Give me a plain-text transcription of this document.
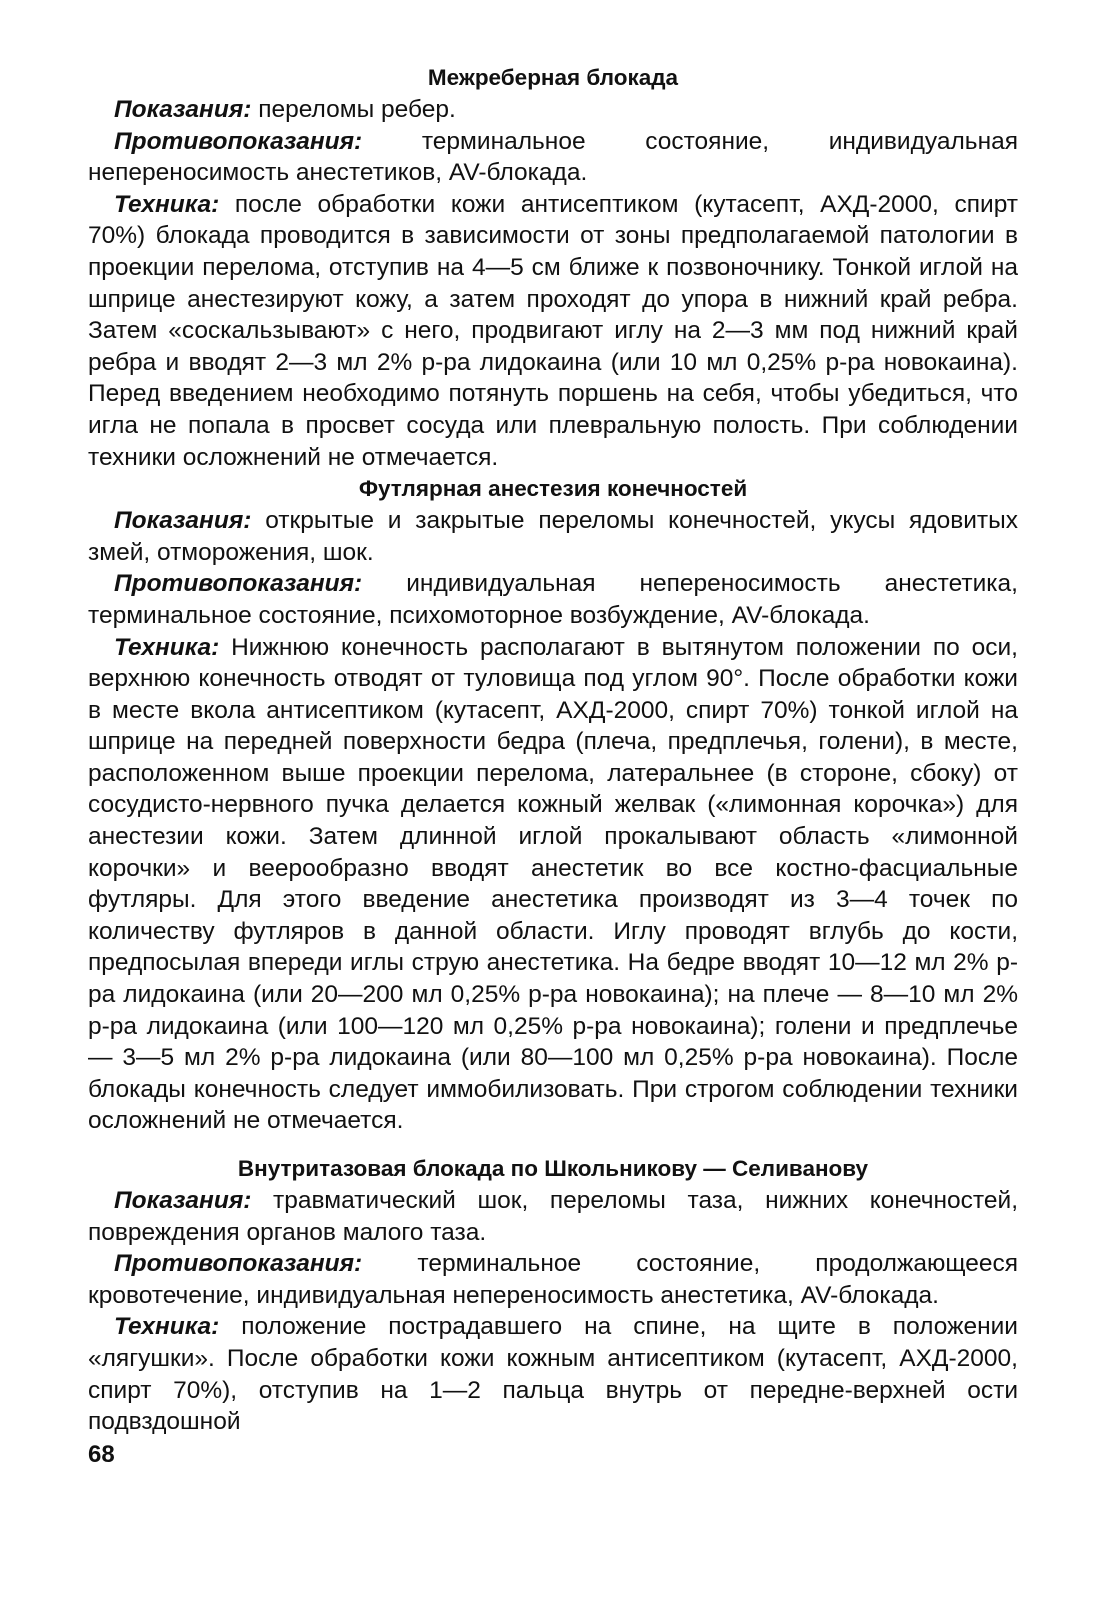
Межреберная блокада

Показания: переломы ребер.

Противопоказания: терминальное состояние, индивидуальная непереносимость анестетиков, AV-блокада.

Техника: после обработки кожи антисептиком (кутасепт, АХД-2000, спирт 70%) блокада проводится в зависимости от зоны предполагаемой патологии в проекции перелома, отступив на 4—5 см ближе к позвоночнику. Тонкой иглой на шприце анестезируют кожу, а затем проходят до упора в нижний край ребра. Затем «соскальзывают» с него, продвигают иглу на 2—3 мм под нижний край ребра и вводят 2—3 мл 2% р-ра лидокаина (или 10 мл 0,25% р-ра новокаина). Перед введением необходимо потянуть поршень на себя, чтобы убедиться, что игла не попала в просвет сосуда или плевральную полость. При соблюдении техники осложнений не отмечается.

Футлярная анестезия конечностей

Показания: открытые и закрытые переломы конечностей, укусы ядовитых змей, отморожения, шок.

Противопоказания: индивидуальная непереносимость анестетика, терминальное состояние, психомоторное возбуждение, AV-блокада.

Техника: Нижнюю конечность располагают в вытянутом положении по оси, верхнюю конечность отводят от туловища под углом 90°. После обработки кожи в месте вкола антисептиком (кутасепт, АХД-2000, спирт 70%) тонкой иглой на шприце на передней поверхности бедра (плеча, предплечья, голени), в месте, расположенном выше проекции перелома, латеральнее (в стороне, сбоку) от сосудисто-нервного пучка делается кожный желвак («лимонная корочка») для анестезии кожи. Затем длинной иглой прокалывают область «лимонной корочки» и веерообразно вводят анестетик во все костно-фасциальные футляры. Для этого введение анестетика производят из 3—4 точек по количеству футляров в данной области. Иглу проводят вглубь до кости, предпосылая впереди иглы струю анестетика. На бедре вводят 10—12 мл 2% р-ра лидокаина (или 20—200 мл 0,25% р-ра новокаина); на плече — 8—10 мл 2% р-ра лидокаина (или 100—120 мл 0,25% р-ра новокаина); голени и предплечье — 3—5 мл 2% р-ра лидокаина (или 80—100 мл 0,25% р-ра новокаина). После блокады конечность следует иммобилизовать. При строгом соблюдении техники осложнений не отмечается.

Внутритазовая блокада по Школьникову — Селиванову

Показания: травматический шок, переломы таза, нижних конечностей, повреждения органов малого таза.

Противопоказания: терминальное состояние, продолжающееся кровотечение, индивидуальная непереносимость анестетика, AV-блокада.

Техника: положение пострадавшего на спине, на щите в положении «лягушки». После обработки кожи кожным антисептиком (кутасепт, АХД-2000, спирт 70%), отступив на 1—2 пальца внутрь от передне-верхней ости подвздошной

68
